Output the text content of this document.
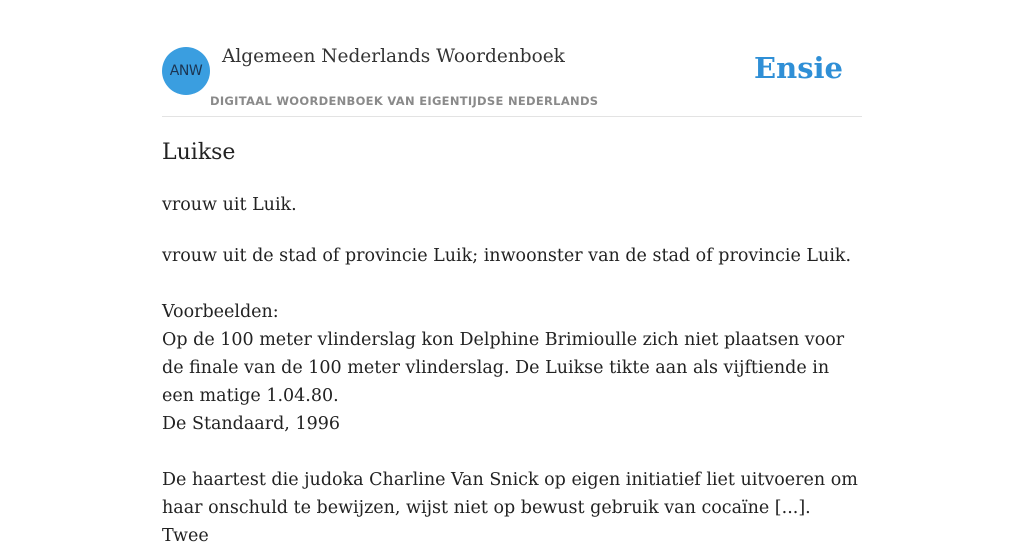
ANW
Algemeen Nederlands Woordenboek
DIGITAAL WOORDENBOEK VAN EIGENTIJDSE NEDERLANDS
Ensie
Luikse
vrouw uit Luik.

vrouw uit de stad of provincie Luik; inwoonster van de stad of provincie Luik.

Voorbeelden:

Op de 100 meter vlinderslag kon Delphine Brimioulle zich niet plaatsen voor de finale van de 100 meter vlinderslag. De Luikse tikte aan als vijftiende in een matige 1.04.80.

De Standaard, 1996

De haartest die judoka Charline Van Snick op eigen initiatief liet uitvoeren om haar onschuld te bewijzen, wijst niet op bewust gebruik van cocaïne [...]. Twee
